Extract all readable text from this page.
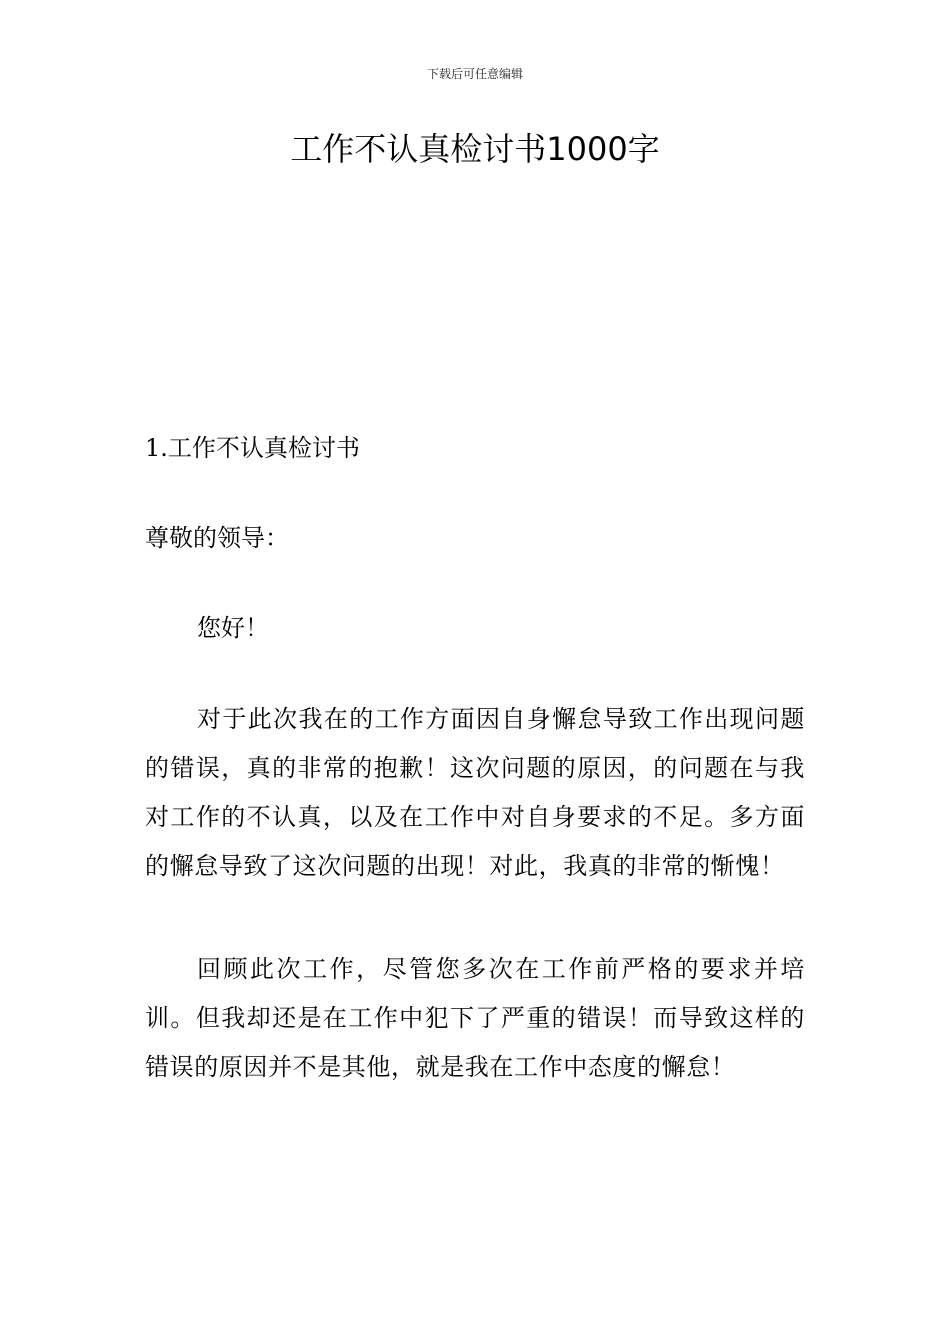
下载后可任意编辑
工作不认真检讨书1000字

1.工作不认真检讨书

尊敬的领导：

您好！

对于此次我在的工作方面因自身懈怠导致工作出现问题的错误，真的非常的抱歉！这次问题的原因，的问题在与我对工作的不认真，以及在工作中对自身要求的不足。多方面的懈怠导致了这次问题的出现！对此，我真的非常的惭愧！

回顾此次工作，尽管您多次在工作前严格的要求并培训。但我却还是在工作中犯下了严重的错误！而导致这样的错误的原因并不是其他，就是我在工作中态度的懈怠！
